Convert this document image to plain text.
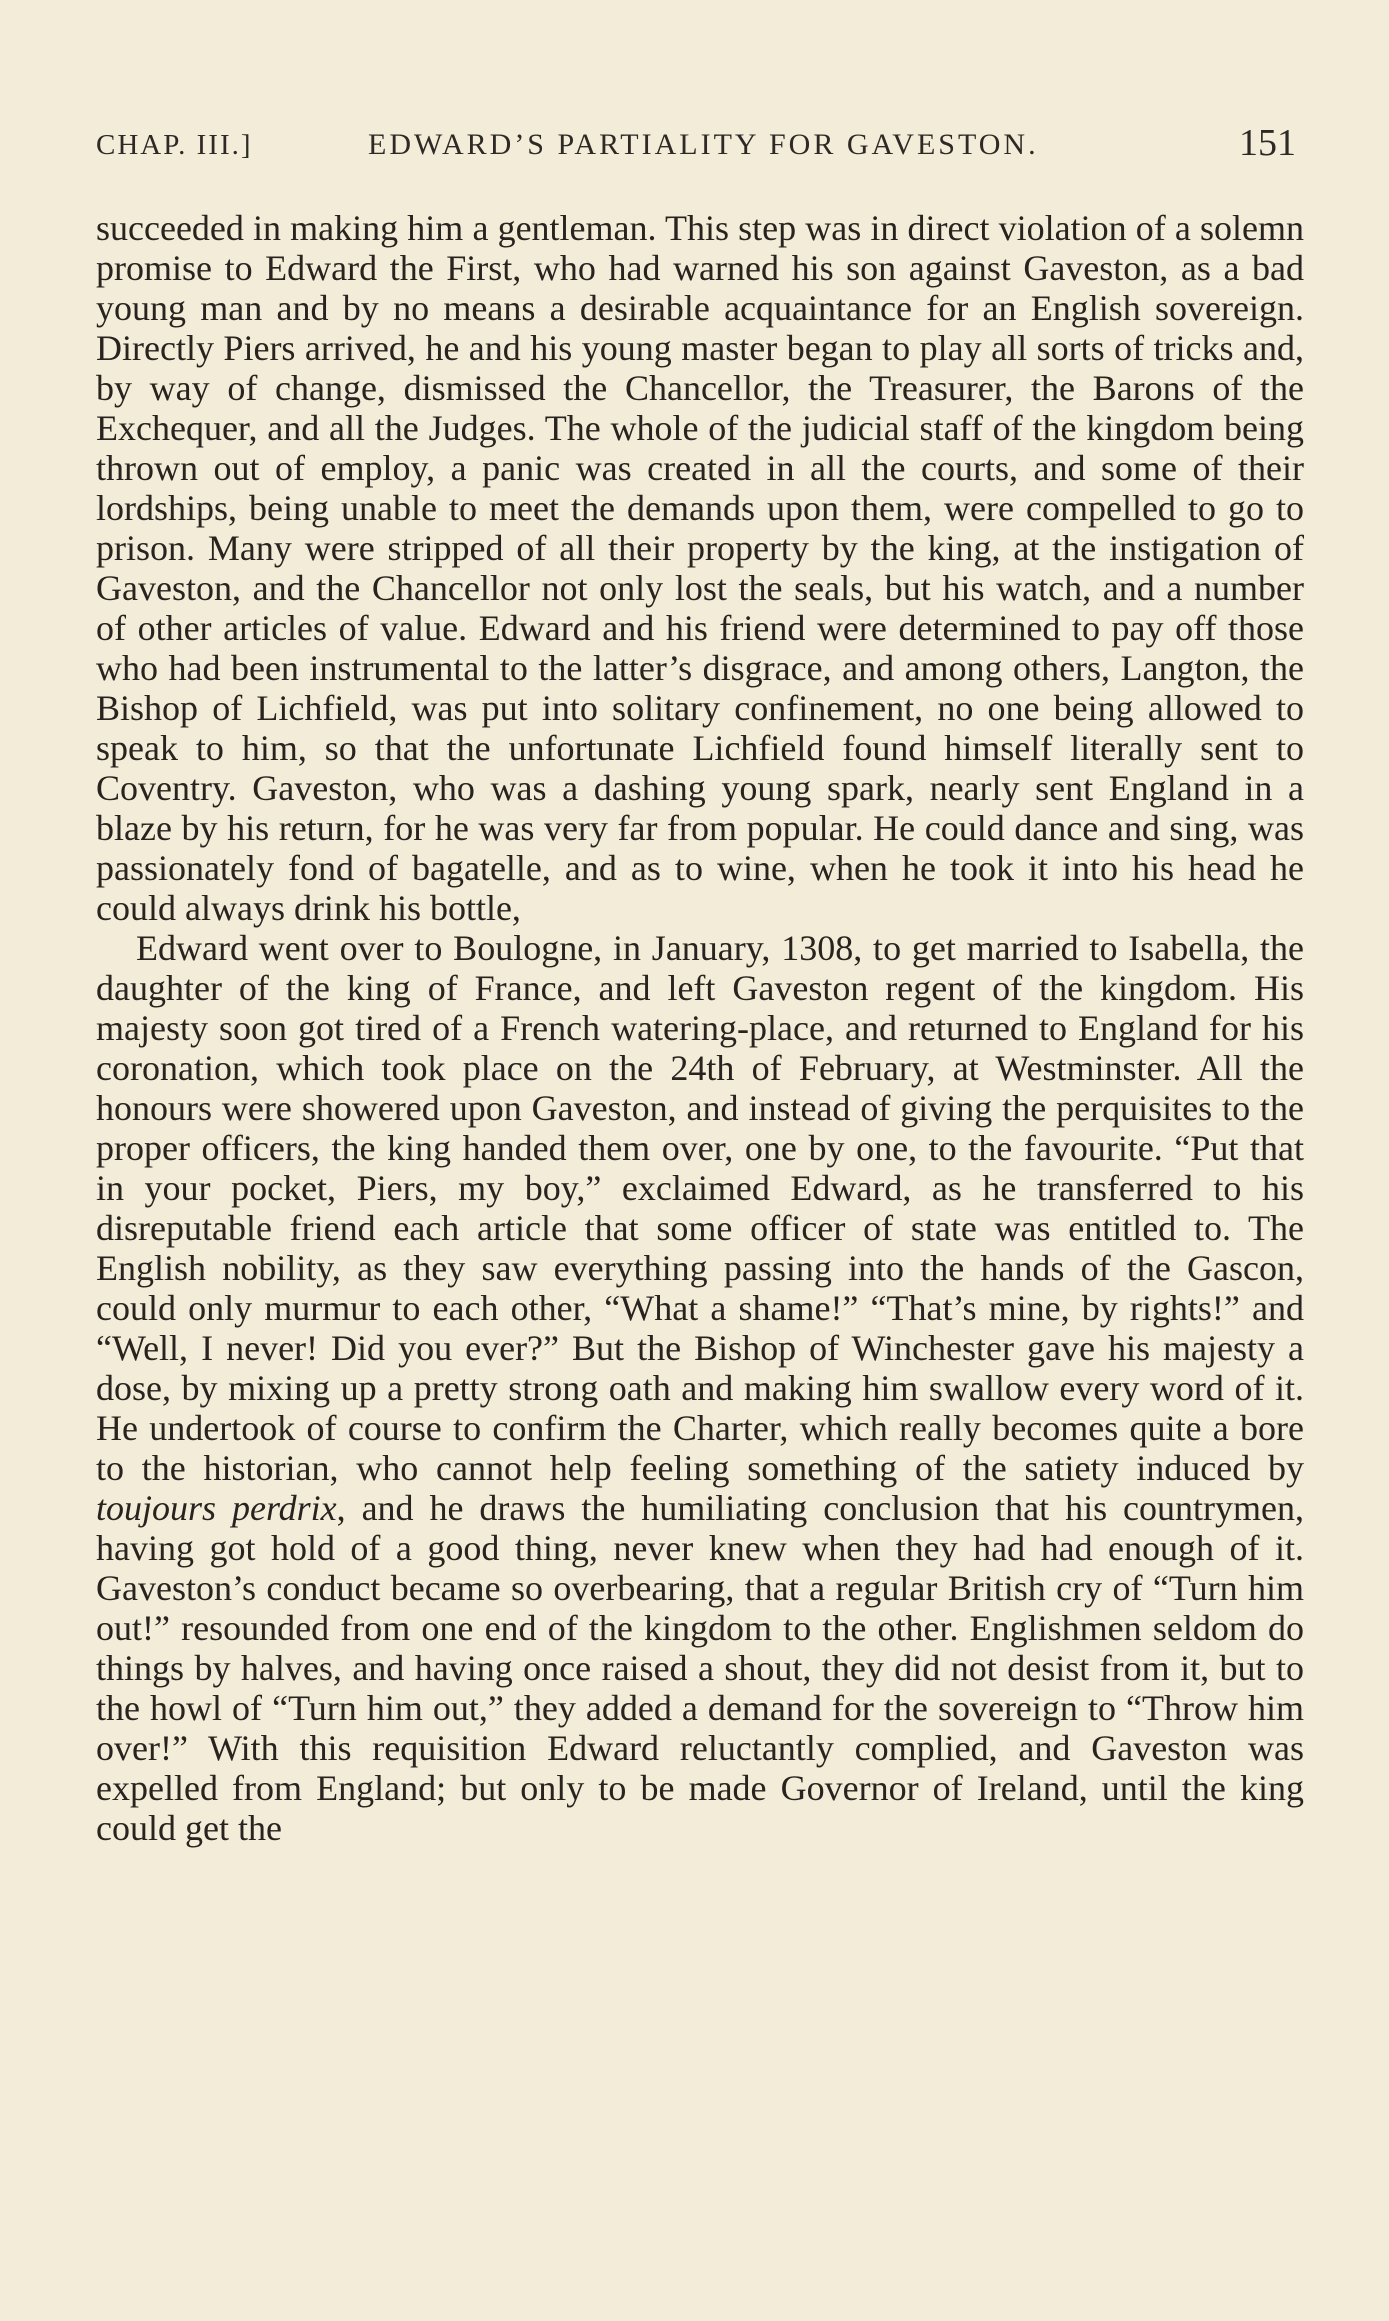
CHAP. III.]	EDWARD’S PARTIALITY FOR GAVESTON.	151

succeeded in making him a gentleman. This step was in direct violation of a solemn promise to Edward the First, who had warned his son against Gaveston, as a bad young man and by no means a desirable acquaintance for an English sovereign. Directly Piers arrived, he and his young master began to play all sorts of tricks and, by way of change, dismissed the Chancellor, the Treasurer, the Barons of the Exchequer, and all the Judges. The whole of the judicial staff of the kingdom being thrown out of employ, a panic was created in all the courts, and some of their lordships, being unable to meet the demands upon them, were compelled to go to prison. Many were stripped of all their property by the king, at the instigation of Gaveston, and the Chancellor not only lost the seals, but his watch, and a number of other articles of value. Edward and his friend were determined to pay off those who had been instrumental to the latter’s disgrace, and among others, Langton, the Bishop of Lichfield, was put into solitary confinement, no one being allowed to speak to him, so that the unfortunate Lichfield found himself literally sent to Coventry. Gaveston, who was a dashing young spark, nearly sent England in a blaze by his return, for he was very far from popular. He could dance and sing, was passionately fond of bagatelle, and as to wine, when he took it into his head he could always drink his bottle,

Edward went over to Boulogne, in January, 1308, to get married to Isabella, the daughter of the king of France, and left Gaveston regent of the kingdom. His majesty soon got tired of a French watering-place, and returned to England for his coronation, which took place on the 24th of February, at Westminster. All the honours were showered upon Gaveston, and instead of giving the perquisites to the proper officers, the king handed them over, one by one, to the favourite. “Put that in your pocket, Piers, my boy,” exclaimed Edward, as he transferred to his disreputable friend each article that some officer of state was entitled to. The English nobility, as they saw everything passing into the hands of the Gascon, could only murmur to each other, “What a shame!” “That’s mine, by rights!” and “Well, I never! Did you ever?” But the Bishop of Winchester gave his majesty a dose, by mixing up a pretty strong oath and making him swallow every word of it. He undertook of course to confirm the Charter, which really becomes quite a bore to the historian, who cannot help feeling something of the satiety induced by toujours perdrix, and he draws the humiliating conclusion that his countrymen, having got hold of a good thing, never knew when they had had enough of it. Gaveston’s conduct became so overbearing, that a regular British cry of “Turn him out!” resounded from one end of the kingdom to the other. Englishmen seldom do things by halves, and having once raised a shout, they did not desist from it, but to the howl of “Turn him out,” they added a demand for the sovereign to “Throw him over!” With this requisition Edward reluctantly complied, and Gaveston was expelled from England; but only to be made Governor of Ireland, until the king could get the
